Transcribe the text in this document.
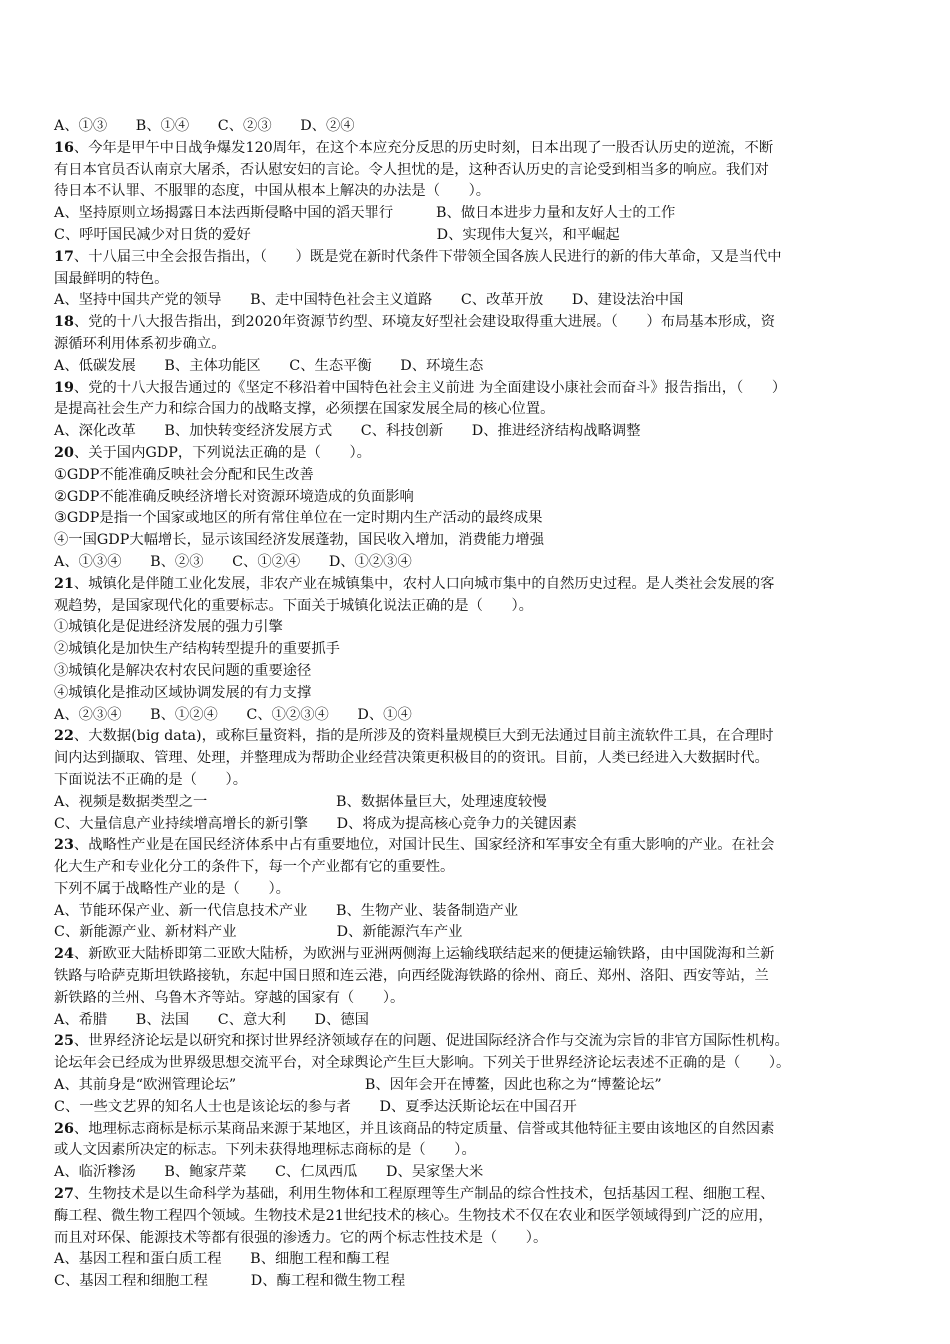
A、①③　　B、①④　　C、②③　　D、②④
16、今年是甲午中日战争爆发120周年，在这个本应充分反思的历史时刻，日本出现了一股否认历史的逆流，不断
有日本官员否认南京大屠杀，否认慰安妇的言论。令人担忧的是，这种否认历史的言论受到相当多的响应。我们对
待日本不认罪、不服罪的态度，中国从根本上解决的办法是（　　）。
A、坚持原则立场揭露日本法西斯侵略中国的滔天罪行　　　B、做日本进步力量和友好人士的工作
C、呼吁国民减少对日货的爱好　　　　　　　　　　　　　D、实现伟大复兴，和平崛起
17、十八届三中全会报告指出，（　　）既是党在新时代条件下带领全国各族人民进行的新的伟大革命，又是当代中
国最鲜明的特色。
A、坚持中国共产党的领导　　B、走中国特色社会主义道路　　C、改革开放　　D、建设法治中国
18、党的十八大报告指出，到2020年资源节约型、环境友好型社会建设取得重大进展。（　　）布局基本形成，资
源循环利用体系初步确立。
A、低碳发展　　B、主体功能区　　C、生态平衡　　D、环境生态
19、党的十八大报告通过的《坚定不移沿着中国特色社会主义前进 为全面建设小康社会而奋斗》报告指出，（　　）
是提高社会生产力和综合国力的战略支撑，必须摆在国家发展全局的核心位置。
A、深化改革　　B、加快转变经济发展方式　　C、科技创新　　D、推进经济结构战略调整
20、关于国内GDP，下列说法正确的是（　　）。
①GDP不能准确反映社会分配和民生改善
②GDP不能准确反映经济增长对资源环境造成的负面影响
③GDP是指一个国家或地区的所有常住单位在一定时期内生产活动的最终成果
④一国GDP大幅增长，显示该国经济发展蓬勃，国民收入增加，消费能力增强
A、①③④　　B、②③　　C、①②④　　D、①②③④
21、城镇化是伴随工业化发展，非农产业在城镇集中，农村人口向城市集中的自然历史过程。是人类社会发展的客
观趋势，是国家现代化的重要标志。下面关于城镇化说法正确的是（　　）。
①城镇化是促进经济发展的强力引擎
②城镇化是加快生产结构转型提升的重要抓手
③城镇化是解决农村农民问题的重要途径
④城镇化是推动区域协调发展的有力支撑
A、②③④　　B、①②④　　C、①②③④　　D、①④
22、大数据(big data)，或称巨量资料，指的是所涉及的资料量规模巨大到无法通过目前主流软件工具，在合理时
间内达到撷取、管理、处理，并整理成为帮助企业经营决策更积极目的的资讯。目前，人类已经进入大数据时代。
下面说法不正确的是（　　）。
A、视频是数据类型之一　　　　　　　　　B、数据体量巨大，处理速度较慢
C、大量信息产业持续增高增长的新引擎　　D、将成为提高核心竞争力的关键因素
23、战略性产业是在国民经济体系中占有重要地位，对国计民生、国家经济和军事安全有重大影响的产业。在社会
化大生产和专业化分工的条件下，每一个产业都有它的重要性。
下列不属于战略性产业的是（　　）。
A、节能环保产业、新一代信息技术产业　　B、生物产业、装备制造产业
C、新能源产业、新材料产业　　　　　　　D、新能源汽车产业
24、新欧亚大陆桥即第二亚欧大陆桥，为欧洲与亚洲两侧海上运输线联结起来的便捷运输铁路，由中国陇海和兰新
铁路与哈萨克斯坦铁路接轨，东起中国日照和连云港，向西经陇海铁路的徐州、商丘、郑州、洛阳、西安等站，兰
新铁路的兰州、乌鲁木齐等站。穿越的国家有（　　）。
A、希腊　　B、法国　　C、意大利　　D、德国
25、世界经济论坛是以研究和探讨世界经济领域存在的问题、促进国际经济合作与交流为宗旨的非官方国际性机构。
论坛年会已经成为世界级思想交流平台，对全球舆论产生巨大影响。下列关于世界经济论坛表述不正确的是（　　）。
A、其前身是“欧洲管理论坛”　　　　　　　　　B、因年会开在博鳌，因此也称之为“博鳌论坛”
C、一些文艺界的知名人士也是该论坛的参与者　　D、夏季达沃斯论坛在中国召开
26、地理标志商标是标示某商品来源于某地区，并且该商品的特定质量、信誉或其他特征主要由该地区的自然因素
或人文因素所决定的标志。下列未获得地理标志商标的是（　　）。
A、临沂糁汤　　B、鲍家芹菜　　C、仁凤西瓜　　D、吴家堡大米
27、生物技术是以生命科学为基础，利用生物体和工程原理等生产制品的综合性技术，包括基因工程、细胞工程、
酶工程、微生物工程四个领域。生物技术是21世纪技术的核心。生物技术不仅在农业和医学领域得到广泛的应用，
而且对环保、能源技术等都有很强的渗透力。它的两个标志性技术是（　　）。
A、基因工程和蛋白质工程　　B、细胞工程和酶工程
C、基因工程和细胞工程　　　D、酶工程和微生物工程
